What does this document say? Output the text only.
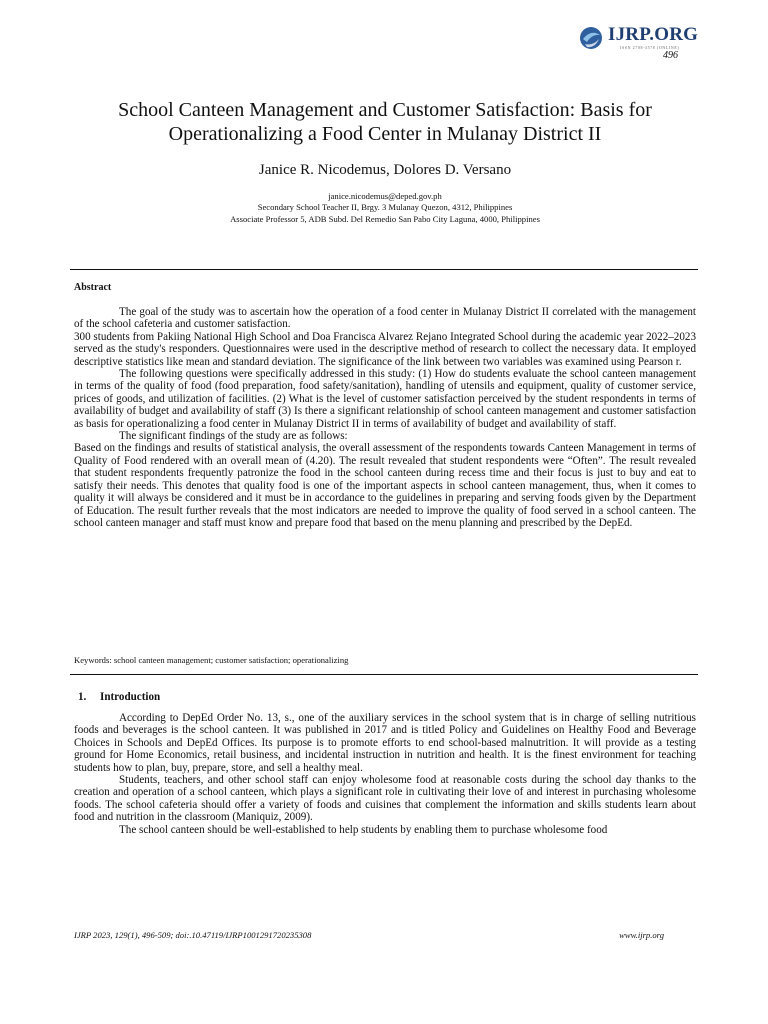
IJRP.ORG
ISSN 2708-3578 (ONLINE)
496
School Canteen Management and Customer Satisfaction: Basis for
Operationalizing a Food Center in Mulanay District II
Janice R. Nicodemus, Dolores D. Versano
janice.nicodemus@deped.gov.ph
Secondary School Teacher II, Brgy. 3 Mulanay Quezon, 4312, Philippines
Associate Professor 5, ADB Subd. Del Remedio San Pabo City Laguna, 4000, Philippines
Abstract

The goal of the study was to ascertain how the operation of a food center in Mulanay District II correlated with the management of the school cafeteria and customer satisfaction.

300 students from Pakiing National High School and Doa Francisca Alvarez Rejano Integrated School during the academic year 2022–2023 served as the study's responders. Questionnaires were used in the descriptive method of research to collect the necessary data. It employed descriptive statistics like mean and standard deviation. The significance of the link between two variables was examined using Pearson r.

The following questions were specifically addressed in this study: (1) How do students evaluate the school canteen management in terms of the quality of food (food preparation, food safety/sanitation), handling of utensils and equipment, quality of customer service, prices of goods, and utilization of facilities. (2) What is the level of customer satisfaction perceived by the student respondents in terms of availability of budget and availability of staff (3) Is there a significant relationship of school canteen management and customer satisfaction as basis for operationalizing a food center in Mulanay District II in terms of availability of budget and availability of staff.

The significant findings of the study are as follows:

Based on the findings and results of statistical analysis, the overall assessment of the respondents towards Canteen Management in terms of Quality of Food rendered with an overall mean of (4.20). The result revealed that student respondents were “Often”. The result revealed that student respondents frequently patronize the food in the school canteen during recess time and their focus is just to buy and eat to satisfy their needs. This denotes that quality food is one of the important aspects in school canteen management, thus, when it comes to quality it will always be considered and it must be in accordance to the guidelines in preparing and serving foods given by the Department of Education. The result further reveals that the most indicators are needed to improve the quality of food served in a school canteen. The school canteen manager and staff must know and prepare food that based on the menu planning and prescribed by the DepEd.

Keywords: school canteen management; customer satisfaction; operationalizing
1. Introduction

According to DepEd Order No. 13, s., one of the auxiliary services in the school system that is in charge of selling nutritious foods and beverages is the school canteen. It was published in 2017 and is titled Policy and Guidelines on Healthy Food and Beverage Choices in Schools and DepEd Offices. Its purpose is to promote efforts to end school-based malnutrition. It will provide as a testing ground for Home Economics, retail business, and incidental instruction in nutrition and health. It is the finest environment for teaching students how to plan, buy, prepare, store, and sell a healthy meal.

Students, teachers, and other school staff can enjoy wholesome food at reasonable costs during the school day thanks to the creation and operation of a school canteen, which plays a significant role in cultivating their love of and interest in purchasing wholesome foods. The school cafeteria should offer a variety of foods and cuisines that complement the information and skills students learn about food and nutrition in the classroom (Maniquiz, 2009).

The school canteen should be well-established to help students by enabling them to purchase wholesome food

IJRP 2023, 129(1), 496-509; doi:.10.47119/IJRP1001291720235308	www.ijrp.org
